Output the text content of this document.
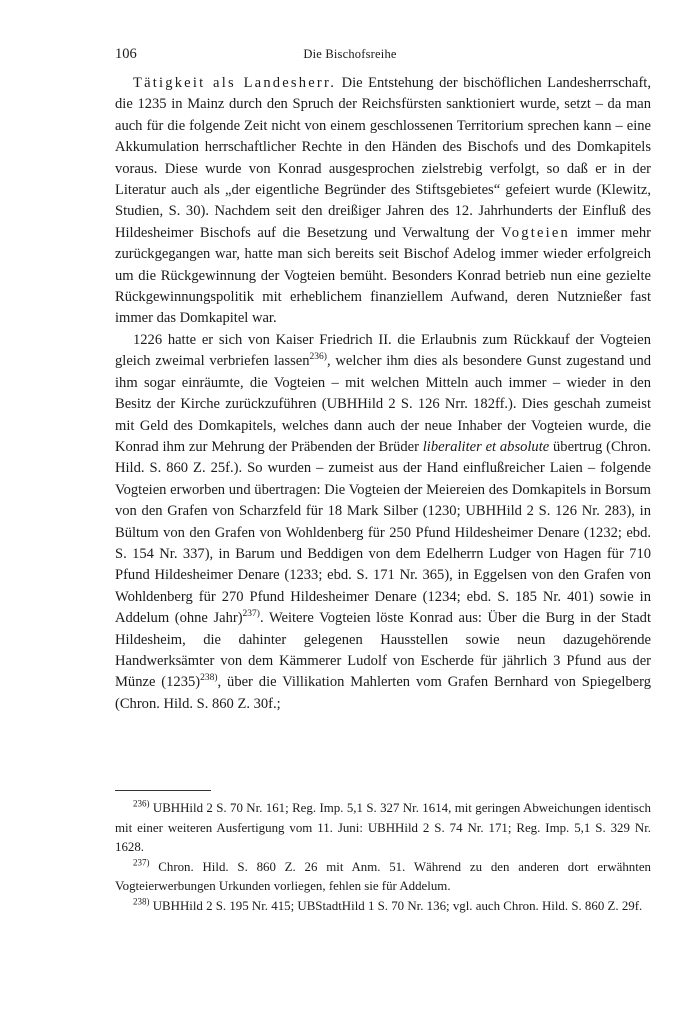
106	Die Bischofsreihe

Tätigkeit als Landesherr. Die Entstehung der bischöflichen Landesherrschaft, die 1235 in Mainz durch den Spruch der Reichsfürsten sanktioniert wurde, setzt – da man auch für die folgende Zeit nicht von einem geschlossenen Territorium sprechen kann – eine Akkumulation herrschaftlicher Rechte in den Händen des Bischofs und des Domkapitels voraus. Diese wurde von Konrad ausgesprochen zielstrebig verfolgt, so daß er in der Literatur auch als „der eigentliche Begründer des Stiftsgebietes“ gefeiert wurde (Klewitz, Studien, S. 30). Nachdem seit den dreißiger Jahren des 12. Jahrhunderts der Einfluß des Hildesheimer Bischofs auf die Besetzung und Verwaltung der Vogteien immer mehr zurückgegangen war, hatte man sich bereits seit Bischof Adelog immer wieder erfolgreich um die Rückgewinnung der Vogteien bemüht. Besonders Konrad betrieb nun eine gezielte Rückgewinnungspolitik mit erheblichem finanziellem Aufwand, deren Nutznießer fast immer das Domkapitel war.

1226 hatte er sich von Kaiser Friedrich II. die Erlaubnis zum Rückkauf der Vogteien gleich zweimal verbriefen lassen$^{236)}$, welcher ihm dies als besondere Gunst zugestand und ihm sogar einräumte, die Vogteien – mit welchen Mitteln auch immer – wieder in den Besitz der Kirche zurückzuführen (UBHHild 2 S. 126 Nrr. 182ff.). Dies geschah zumeist mit Geld des Domkapitels, welches dann auch der neue Inhaber der Vogteien wurde, die Konrad ihm zur Mehrung der Präbenden der Brüder liberaliter et absolute übertrug (Chron. Hild. S. 860 Z. 25f.). So wurden – zumeist aus der Hand einflußreicher Laien – folgende Vogteien erworben und übertragen: Die Vogteien der Meiereien des Domkapitels in Borsum von den Grafen von Scharzfeld für 18 Mark Silber (1230; UBHHild 2 S. 126 Nr. 283), in Bültum von den Grafen von Wohldenberg für 250 Pfund Hildesheimer Denare (1232; ebd. S. 154 Nr. 337), in Barum und Beddigen von dem Edelherrn Ludger von Hagen für 710 Pfund Hildesheimer Denare (1233; ebd. S. 171 Nr. 365), in Eggelsen von den Grafen von Wohldenberg für 270 Pfund Hildesheimer Denare (1234; ebd. S. 185 Nr. 401) sowie in Addelum (ohne Jahr)$^{237)}$. Weitere Vogteien löste Konrad aus: Über die Burg in der Stadt Hildesheim, die dahinter gelegenen Hausstellen sowie neun dazugehörende Handwerksämter von dem Kämmerer Ludolf von Escherde für jährlich 3 Pfund aus der Münze (1235)$^{238)}$, über die Villikation Mahlerten vom Grafen Bernhard von Spiegelberg (Chron. Hild. S. 860 Z. 30f.;

$^{236)}$ UBHHild 2 S. 70 Nr. 161; Reg. Imp. 5,1 S. 327 Nr. 1614, mit geringen Abweichungen identisch mit einer weiteren Ausfertigung vom 11. Juni: UBHHild 2 S. 74 Nr. 171; Reg. Imp. 5,1 S. 329 Nr. 1628.

$^{237)}$ Chron. Hild. S. 860 Z. 26 mit Anm. 51. Während zu den anderen dort erwähnten Vogteierwerbungen Urkunden vorliegen, fehlen sie für Addelum.

$^{238)}$ UBHHild 2 S. 195 Nr. 415; UBStadtHild 1 S. 70 Nr. 136; vgl. auch Chron. Hild. S. 860 Z. 29f.
